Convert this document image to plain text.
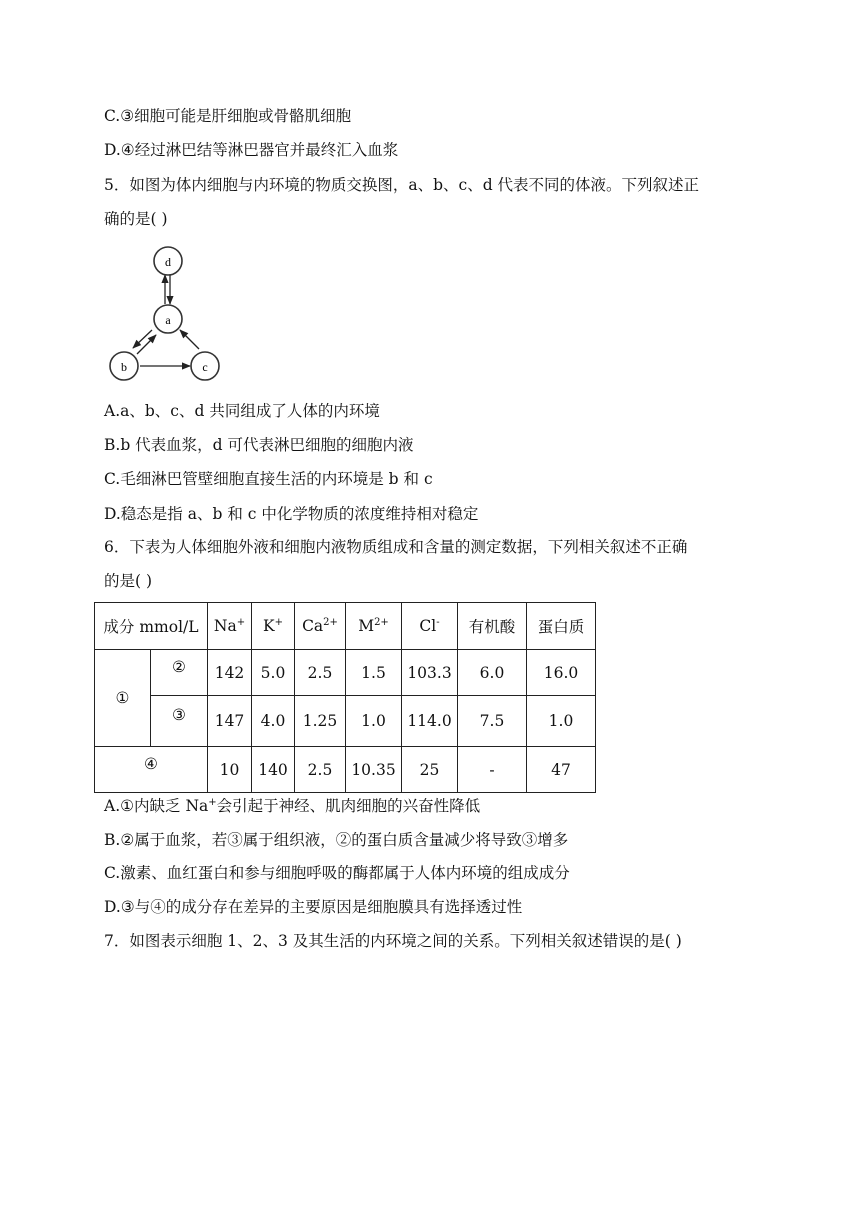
C.③细胞可能是肝细胞或骨骼肌细胞
D.④经过淋巴结等淋巴器官并最终汇入血浆
5．如图为体内细胞与内环境的物质交换图，a、b、c、d 代表不同的体液。下列叙述正
确的是( )
d
a
b	c
A.a、b、c、d 共同组成了人体的内环境
B.b 代表血浆，d 可代表淋巴细胞的细胞内液
C.毛细淋巴管壁细胞直接生活的内环境是 b 和 c
D.稳态是指 a、b 和 c 中化学物质的浓度维持相对稳定
6．下表为人体细胞外液和细胞内液物质组成和含量的测定数据，下列相关叙述不正确
的是( )
成分 mmol/L		Na+	K+	$Ca^{2+}$	$M^{2+}$	Cl-	有机酸	蛋白质
①	②	142	5.0	2.5	1.5	103.3	6.0	16.0
	③	147	4.0	1.25	1.0	114.0	7.5	1.0
④		10	140	2.5	10.35	25	-	47
A.①内缺乏 Na+会引起于神经、肌肉细胞的兴奋性降低
B.②属于血浆，若③属于组织液，②的蛋白质含量减少将导致③增多
C.激素、血红蛋白和参与细胞呼吸的酶都属于人体内环境的组成成分
D.③与④的成分存在差异的主要原因是细胞膜具有选择透过性
7．如图表示细胞 1、2、3 及其生活的内环境之间的关系。下列相关叙述错误的是( )
